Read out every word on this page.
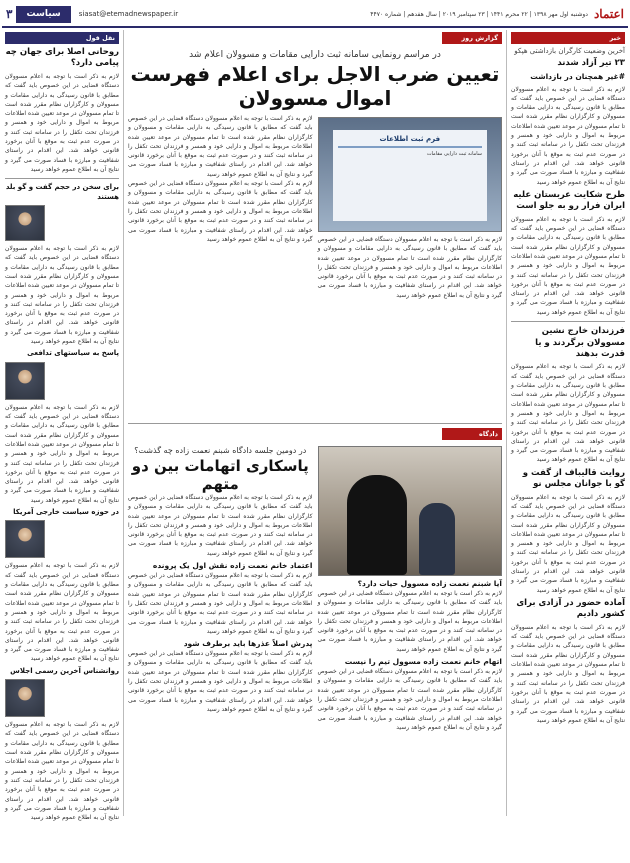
اعتماد
دوشنبه اول مهر ۱۳۹۸ | ۲۲ محرم ۱۴۴۱ | ۲۳ سپتامبر ۲۰۱۹ | سال هفدهم | شماره ۴۴۷۰
siasat@etemadnewspaper.ir
سیاست
۳
خبر
آخرین وضعیت کارگران بازداشتی هپکو
۲۳ تیر آزاد شدند
#غیر همچنان در بازداشت
لازم به ذکر است با توجه به اعلام مسوولان دستگاه قضایی در این خصوص باید گفت که مطابق با قانون رسیدگی به دارایی مقامات و مسوولان و کارگزاران نظام مقرر شده است تا تمام مسوولان در موعد تعیین شده اطلاعات مربوط به اموال و دارایی خود و همسر و فرزندان تحت تکفل را در سامانه ثبت کنند و در صورت عدم ثبت به موقع با آنان برخورد قانونی خواهد شد. این اقدام در راستای شفافیت و مبارزه با فساد صورت می گیرد و نتایج آن به اطلاع عموم خواهد رسید
طرح شکایت عربستان علیه ایران فرار رو به جلو است
لازم به ذکر است با توجه به اعلام مسوولان دستگاه قضایی در این خصوص باید گفت که مطابق با قانون رسیدگی به دارایی مقامات و مسوولان و کارگزاران نظام مقرر شده است تا تمام مسوولان در موعد تعیین شده اطلاعات مربوط به اموال و دارایی خود و همسر و فرزندان تحت تکفل را در سامانه ثبت کنند و در صورت عدم ثبت به موقع با آنان برخورد قانونی خواهد شد. این اقدام در راستای شفافیت و مبارزه با فساد صورت می گیرد و نتایج آن به اطلاع عموم خواهد رسید
فرزندان خارج نشین مسوولان برگردند و یا قدرت بدهند
لازم به ذکر است با توجه به اعلام مسوولان دستگاه قضایی در این خصوص باید گفت که مطابق با قانون رسیدگی به دارایی مقامات و مسوولان و کارگزاران نظام مقرر شده است تا تمام مسوولان در موعد تعیین شده اطلاعات مربوط به اموال و دارایی خود و همسر و فرزندان تحت تکفل را در سامانه ثبت کنند و در صورت عدم ثبت به موقع با آنان برخورد قانونی خواهد شد. این اقدام در راستای شفافیت و مبارزه با فساد صورت می گیرد و نتایج آن به اطلاع عموم خواهد رسید
روایت قالیباف از گفت و گو با جوانان مجلس نو
لازم به ذکر است با توجه به اعلام مسوولان دستگاه قضایی در این خصوص باید گفت که مطابق با قانون رسیدگی به دارایی مقامات و مسوولان و کارگزاران نظام مقرر شده است تا تمام مسوولان در موعد تعیین شده اطلاعات مربوط به اموال و دارایی خود و همسر و فرزندان تحت تکفل را در سامانه ثبت کنند و در صورت عدم ثبت به موقع با آنان برخورد قانونی خواهد شد. این اقدام در راستای شفافیت و مبارزه با فساد صورت می گیرد و نتایج آن به اطلاع عموم خواهد رسید
آماده حضور در آزادی برای کشور دادیم
لازم به ذکر است با توجه به اعلام مسوولان دستگاه قضایی در این خصوص باید گفت که مطابق با قانون رسیدگی به دارایی مقامات و مسوولان و کارگزاران نظام مقرر شده است تا تمام مسوولان در موعد تعیین شده اطلاعات مربوط به اموال و دارایی خود و همسر و فرزندان تحت تکفل را در سامانه ثبت کنند و در صورت عدم ثبت به موقع با آنان برخورد قانونی خواهد شد. این اقدام در راستای شفافیت و مبارزه با فساد صورت می گیرد و نتایج آن به اطلاع عموم خواهد رسید
نقل قول
روحانی اصلا برای جهان چه پیامی دارد؟
لازم به ذکر است با توجه به اعلام مسوولان دستگاه قضایی در این خصوص باید گفت که مطابق با قانون رسیدگی به دارایی مقامات و مسوولان و کارگزاران نظام مقرر شده است تا تمام مسوولان در موعد تعیین شده اطلاعات مربوط به اموال و دارایی خود و همسر و فرزندان تحت تکفل را در سامانه ثبت کنند و در صورت عدم ثبت به موقع با آنان برخورد قانونی خواهد شد. این اقدام در راستای شفافیت و مبارزه با فساد صورت می گیرد و نتایج آن به اطلاع عموم خواهد رسید
برای سخن در حجم گفت و گو بلد هستند
لازم به ذکر است با توجه به اعلام مسوولان دستگاه قضایی در این خصوص باید گفت که مطابق با قانون رسیدگی به دارایی مقامات و مسوولان و کارگزاران نظام مقرر شده است تا تمام مسوولان در موعد تعیین شده اطلاعات مربوط به اموال و دارایی خود و همسر و فرزندان تحت تکفل را در سامانه ثبت کنند و در صورت عدم ثبت به موقع با آنان برخورد قانونی خواهد شد. این اقدام در راستای شفافیت و مبارزه با فساد صورت می گیرد و نتایج آن به اطلاع عموم خواهد رسید
پاسخ به سیاستهای تدافعی
لازم به ذکر است با توجه به اعلام مسوولان دستگاه قضایی در این خصوص باید گفت که مطابق با قانون رسیدگی به دارایی مقامات و مسوولان و کارگزاران نظام مقرر شده است تا تمام مسوولان در موعد تعیین شده اطلاعات مربوط به اموال و دارایی خود و همسر و فرزندان تحت تکفل را در سامانه ثبت کنند و در صورت عدم ثبت به موقع با آنان برخورد قانونی خواهد شد. این اقدام در راستای شفافیت و مبارزه با فساد صورت می گیرد و نتایج آن به اطلاع عموم خواهد رسید
در حوزه سیاست خارجی آمریکا
لازم به ذکر است با توجه به اعلام مسوولان دستگاه قضایی در این خصوص باید گفت که مطابق با قانون رسیدگی به دارایی مقامات و مسوولان و کارگزاران نظام مقرر شده است تا تمام مسوولان در موعد تعیین شده اطلاعات مربوط به اموال و دارایی خود و همسر و فرزندان تحت تکفل را در سامانه ثبت کنند و در صورت عدم ثبت به موقع با آنان برخورد قانونی خواهد شد. این اقدام در راستای شفافیت و مبارزه با فساد صورت می گیرد و نتایج آن به اطلاع عموم خواهد رسید
روانشناس آخرین رسمی اجلاس
لازم به ذکر است با توجه به اعلام مسوولان دستگاه قضایی در این خصوص باید گفت که مطابق با قانون رسیدگی به دارایی مقامات و مسوولان و کارگزاران نظام مقرر شده است تا تمام مسوولان در موعد تعیین شده اطلاعات مربوط به اموال و دارایی خود و همسر و فرزندان تحت تکفل را در سامانه ثبت کنند و در صورت عدم ثبت به موقع با آنان برخورد قانونی خواهد شد. این اقدام در راستای شفافیت و مبارزه با فساد صورت می گیرد و نتایج آن به اطلاع عموم خواهد رسید
گزارش روز
در مراسم رونمایی سامانه ثبت دارایی مقامات و مسوولان اعلام شد
تعیین ضرب الاجل برای اعلام فهرست اموال مسوولان
فرم ثبت اطلاعات
سامانه ثبت دارایی مقامات
لازم به ذکر است با توجه به اعلام مسوولان دستگاه قضایی در این خصوص باید گفت که مطابق با قانون رسیدگی به دارایی مقامات و مسوولان و کارگزاران نظام مقرر شده است تا تمام مسوولان در موعد تعیین شده اطلاعات مربوط به اموال و دارایی خود و همسر و فرزندان تحت تکفل را در سامانه ثبت کنند و در صورت عدم ثبت به موقع با آنان برخورد قانونی خواهد شد. این اقدام در راستای شفافیت و مبارزه با فساد صورت می گیرد و نتایج آن به اطلاع عموم خواهد رسید
لازم به ذکر است با توجه به اعلام مسوولان دستگاه قضایی در این خصوص باید گفت که مطابق با قانون رسیدگی به دارایی مقامات و مسوولان و کارگزاران نظام مقرر شده است تا تمام مسوولان در موعد تعیین شده اطلاعات مربوط به اموال و دارایی خود و همسر و فرزندان تحت تکفل را در سامانه ثبت کنند و در صورت عدم ثبت به موقع با آنان برخورد قانونی خواهد شد. این اقدام در راستای شفافیت و مبارزه با فساد صورت می گیرد و نتایج آن به اطلاع عموم خواهد رسید
لازم به ذکر است با توجه به اعلام مسوولان دستگاه قضایی در این خصوص باید گفت که مطابق با قانون رسیدگی به دارایی مقامات و مسوولان و کارگزاران نظام مقرر شده است تا تمام مسوولان در موعد تعیین شده اطلاعات مربوط به اموال و دارایی خود و همسر و فرزندان تحت تکفل را در سامانه ثبت کنند و در صورت عدم ثبت به موقع با آنان برخورد قانونی خواهد شد. این اقدام در راستای شفافیت و مبارزه با فساد صورت می گیرد و نتایج آن به اطلاع عموم خواهد رسید
دادگاه
آیا شبنم نعمت زاده مسوول حیات دارد؟
لازم به ذکر است با توجه به اعلام مسوولان دستگاه قضایی در این خصوص باید گفت که مطابق با قانون رسیدگی به دارایی مقامات و مسوولان و کارگزاران نظام مقرر شده است تا تمام مسوولان در موعد تعیین شده اطلاعات مربوط به اموال و دارایی خود و همسر و فرزندان تحت تکفل را در سامانه ثبت کنند و در صورت عدم ثبت به موقع با آنان برخورد قانونی خواهد شد. این اقدام در راستای شفافیت و مبارزه با فساد صورت می گیرد و نتایج آن به اطلاع عموم خواهد رسید
اتهام خانم نعمت زاده مسوول تیم را نیست
لازم به ذکر است با توجه به اعلام مسوولان دستگاه قضایی در این خصوص باید گفت که مطابق با قانون رسیدگی به دارایی مقامات و مسوولان و کارگزاران نظام مقرر شده است تا تمام مسوولان در موعد تعیین شده اطلاعات مربوط به اموال و دارایی خود و همسر و فرزندان تحت تکفل را در سامانه ثبت کنند و در صورت عدم ثبت به موقع با آنان برخورد قانونی خواهد شد. این اقدام در راستای شفافیت و مبارزه با فساد صورت می گیرد و نتایج آن به اطلاع عموم خواهد رسید
در دومین جلسه دادگاه شبنم نعمت زاده چه گذشت؟
پاسکاری اتهامات بین دو متهم
لازم به ذکر است با توجه به اعلام مسوولان دستگاه قضایی در این خصوص باید گفت که مطابق با قانون رسیدگی به دارایی مقامات و مسوولان و کارگزاران نظام مقرر شده است تا تمام مسوولان در موعد تعیین شده اطلاعات مربوط به اموال و دارایی خود و همسر و فرزندان تحت تکفل را در سامانه ثبت کنند و در صورت عدم ثبت به موقع با آنان برخورد قانونی خواهد شد. این اقدام در راستای شفافیت و مبارزه با فساد صورت می گیرد و نتایج آن به اطلاع عموم خواهد رسید
اعتماد خانم نعمت زاده نقش اول یک پرونده
لازم به ذکر است با توجه به اعلام مسوولان دستگاه قضایی در این خصوص باید گفت که مطابق با قانون رسیدگی به دارایی مقامات و مسوولان و کارگزاران نظام مقرر شده است تا تمام مسوولان در موعد تعیین شده اطلاعات مربوط به اموال و دارایی خود و همسر و فرزندان تحت تکفل را در سامانه ثبت کنند و در صورت عدم ثبت به موقع با آنان برخورد قانونی خواهد شد. این اقدام در راستای شفافیت و مبارزه با فساد صورت می گیرد و نتایج آن به اطلاع عموم خواهد رسید
پدرش اصلاً عذرها باید برطرف شود
لازم به ذکر است با توجه به اعلام مسوولان دستگاه قضایی در این خصوص باید گفت که مطابق با قانون رسیدگی به دارایی مقامات و مسوولان و کارگزاران نظام مقرر شده است تا تمام مسوولان در موعد تعیین شده اطلاعات مربوط به اموال و دارایی خود و همسر و فرزندان تحت تکفل را در سامانه ثبت کنند و در صورت عدم ثبت به موقع با آنان برخورد قانونی خواهد شد. این اقدام در راستای شفافیت و مبارزه با فساد صورت می گیرد و نتایج آن به اطلاع عموم خواهد رسید
